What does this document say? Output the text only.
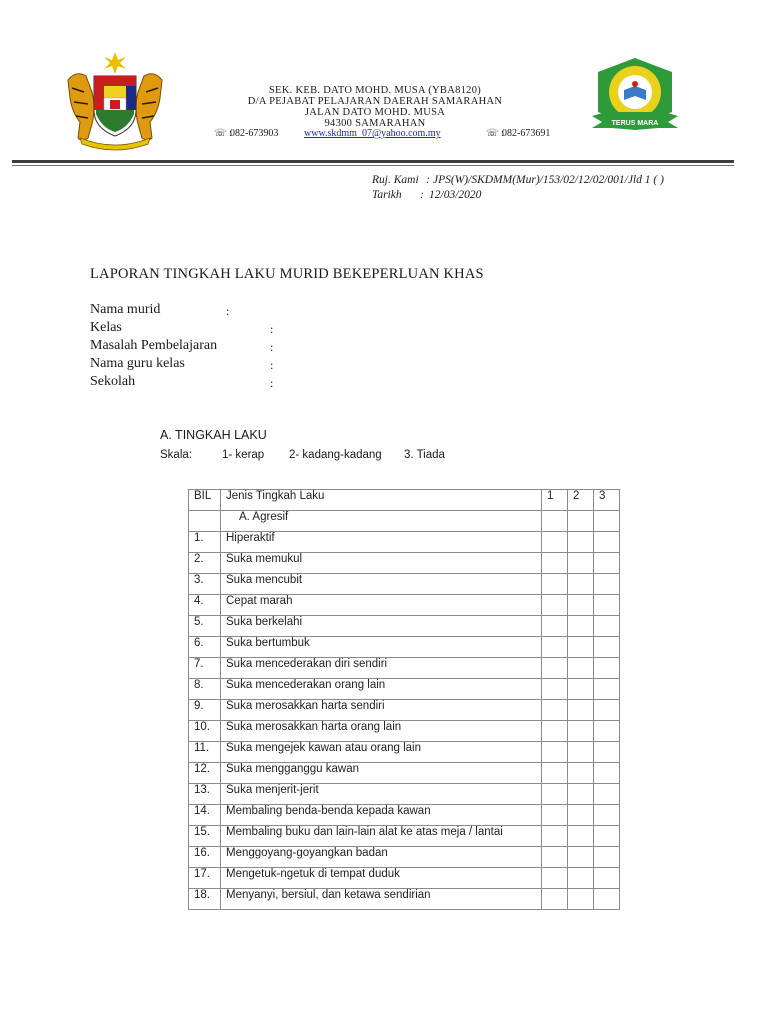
TERUS MARA
SEK. KEB. DATO MOHD. MUSA (YBA8120)
D/A PEJABAT PELAJARAN DAERAH SAMARAHAN
JALAN DATO MOHD. MUSA
94300 SAMARAHAN
☏ :
082-673903	www.skdmm_07@yahoo.com.my	☏ :
082-673691
Ruj. Kami : JPS(W)/SKDMM(Mur)/153/02/12/02/001/Jld 1 ( )
Tarikh : 12/03/2020
LAPORAN TINGKAH LAKU MURID BEKEPERLUAN KHAS
Nama murid	:
Kelas	:
Masalah Pembelajaran	:
Nama guru kelas	:
Sekolah	:
A. TINGKAH LAKU
Skala:	1- kerap 2- kadang-kadang 3. Tiada
BIL	Jenis Tingkah Laku	1	2	3
	A. Agresif			
1.	Hiperaktif			
2.	Suka memukul			
3.	Suka mencubit			
4.	Cepat marah			
5.	Suka berkelahi			
6.	Suka bertumbuk			
7.	Suka mencederakan diri sendiri			
8.	Suka mencederakan orang lain			
9.	Suka merosakkan harta sendiri			
10.	Suka merosakkan harta orang lain			
11.	Suka mengejek kawan atau orang lain			
12.	Suka mengganggu kawan			
13.	Suka menjerit-jerit			
14.	Membaling benda-benda kepada kawan			
15.	Membaling buku dan lain-lain alat ke atas meja / lantai			
16.	Menggoyang-goyangkan badan			
17.	Mengetuk-ngetuk di tempat duduk			
18.	Menyanyi, bersiul, dan ketawa sendirian			
